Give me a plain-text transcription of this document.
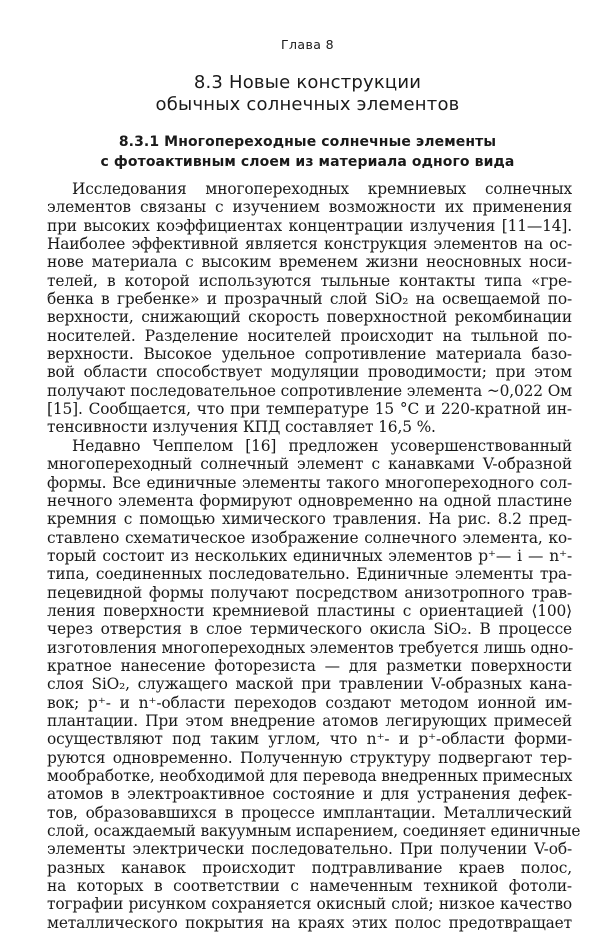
Глава 8
8.3 Новые конструкции
обычных солнечных элементов
8.3.1 Многопереходные солнечные элементы
с фотоактивным слоем из материала одного вида
Исследования многопереходных кремниевых солнечных
элементов связаны с изучением возможности их применения
при высоких коэффициентах концентрации излучения [11—14].
Наиболее эффективной является конструкция элементов на ос-
нове материала с высоким временем жизни неосновных носи-
телей, в которой используются тыльные контакты типа «гре-
бенка в гребенке» и прозрачный слой SiO₂ на освещаемой по-
верхности, снижающий скорость поверхностной рекомбинации
носителей. Разделение носителей происходит на тыльной по-
верхности. Высокое удельное сопротивление материала базо-
вой области способствует модуляции проводимости; при этом
получают последовательное сопротивление элемента ~0,022 Ом
[15]. Сообщается, что при температуре 15 °C и 220-кратной ин-
тенсивности излучения КПД составляет 16,5 %.
Недавно Чеппелом [16] предложен усовершенствованный
многопереходный солнечный элемент с канавками V-образной
формы. Все единичные элементы такого многопереходного сол-
нечного элемента формируют одновременно на одной пластине
кремния с помощью химического травления. На рис. 8.2 пред-
ставлено схематическое изображение солнечного элемента, ко-
торый состоит из нескольких единичных элементов p⁺— i — n⁺-
типа, соединенных последовательно. Единичные элементы тра-
пецевидной формы получают посредством анизотропного трав-
ления поверхности кремниевой пластины с ориентацией ⟨100⟩
через отверстия в слое термического окисла SiO₂. В процессе
изготовления многопереходных элементов требуется лишь одно-
кратное нанесение фоторезиста — для разметки поверхности
слоя SiO₂, служащего маской при травлении V-образных кана-
вок; p⁺- и n⁺-области переходов создают методом ионной им-
плантации. При этом внедрение атомов легирующих примесей
осуществляют под таким углом, что n⁺- и p⁺-области форми-
руются одновременно. Полученную структуру подвергают тер-
мообработке, необходимой для перевода внедренных примесных
атомов в электроактивное состояние и для устранения дефек-
тов, образовавшихся в процессе имплантации. Металлический
слой, осаждаемый вакуумным испарением, соединяет единичные
элементы электрически последовательно. При получении V-об-
разных канавок происходит подтравливание краев полос,
на которых в соответствии с намеченным техникой фотоли-
тографии рисунком сохраняется окисный слой; низкое качество
металлического покрытия на краях этих полос предотвращает
